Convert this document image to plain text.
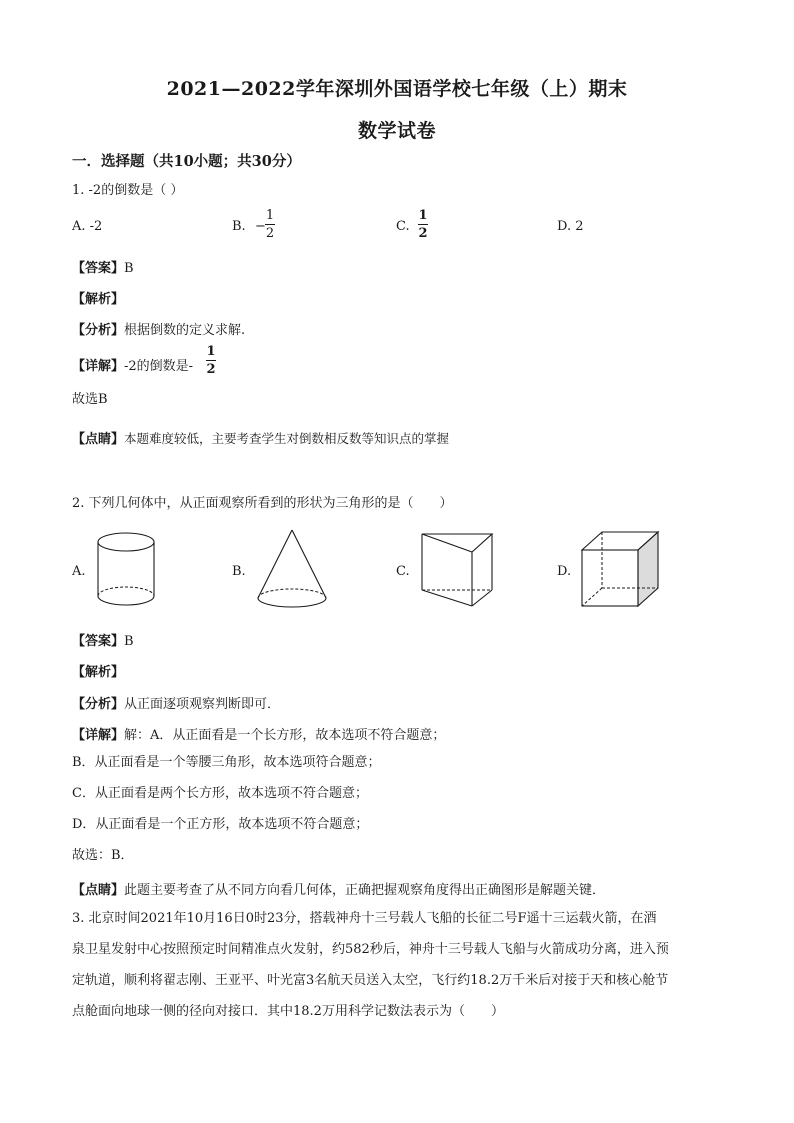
2021—2022学年深圳外国语学校七年级（上）期末
数学试卷
一．选择题（共10小题；共30分）
1. -2的倒数是（ ）
A. -2	B. −
1
2	C.
1
2	D. 2
【答案】B
【解析】
【分析】根据倒数的定义求解.
【详解】-2的倒数是-
1
2
故选B
【点睛】本题难度较低，主要考查学生对倒数相反数等知识点的掌握
2. 下列几何体中，从正面观察所看到的形状为三角形的是（　　）
A.	B.	C.	D.
【答案】B
【解析】
【分析】从正面逐项观察判断即可．
【详解】解：A．从正面看是一个长方形，故本选项不符合题意；
B．从正面看是一个等腰三角形，故本选项符合题意；
C．从正面看是两个长方形，故本选项不符合题意；
D．从正面看是一个正方形，故本选项不符合题意；
故选：B．
【点睛】此题主要考查了从不同方向看几何体，正确把握观察角度得出正确图形是解题关键．
3. 北京时间2021年10月16日0时23分，搭载神舟十三号载人飞船的长征二号F遥十三运载火箭，在酒
泉卫星发射中心按照预定时间精准点火发射，约582秒后，神舟十三号载人飞船与火箭成功分离，进入预
定轨道，顺利将翟志刚、王亚平、叶光富3名航天员送入太空，飞行约18.2万千米后对接于天和核心舱节
点舱面向地球一侧的径向对接口．其中18.2万用科学记数法表示为（　　）
